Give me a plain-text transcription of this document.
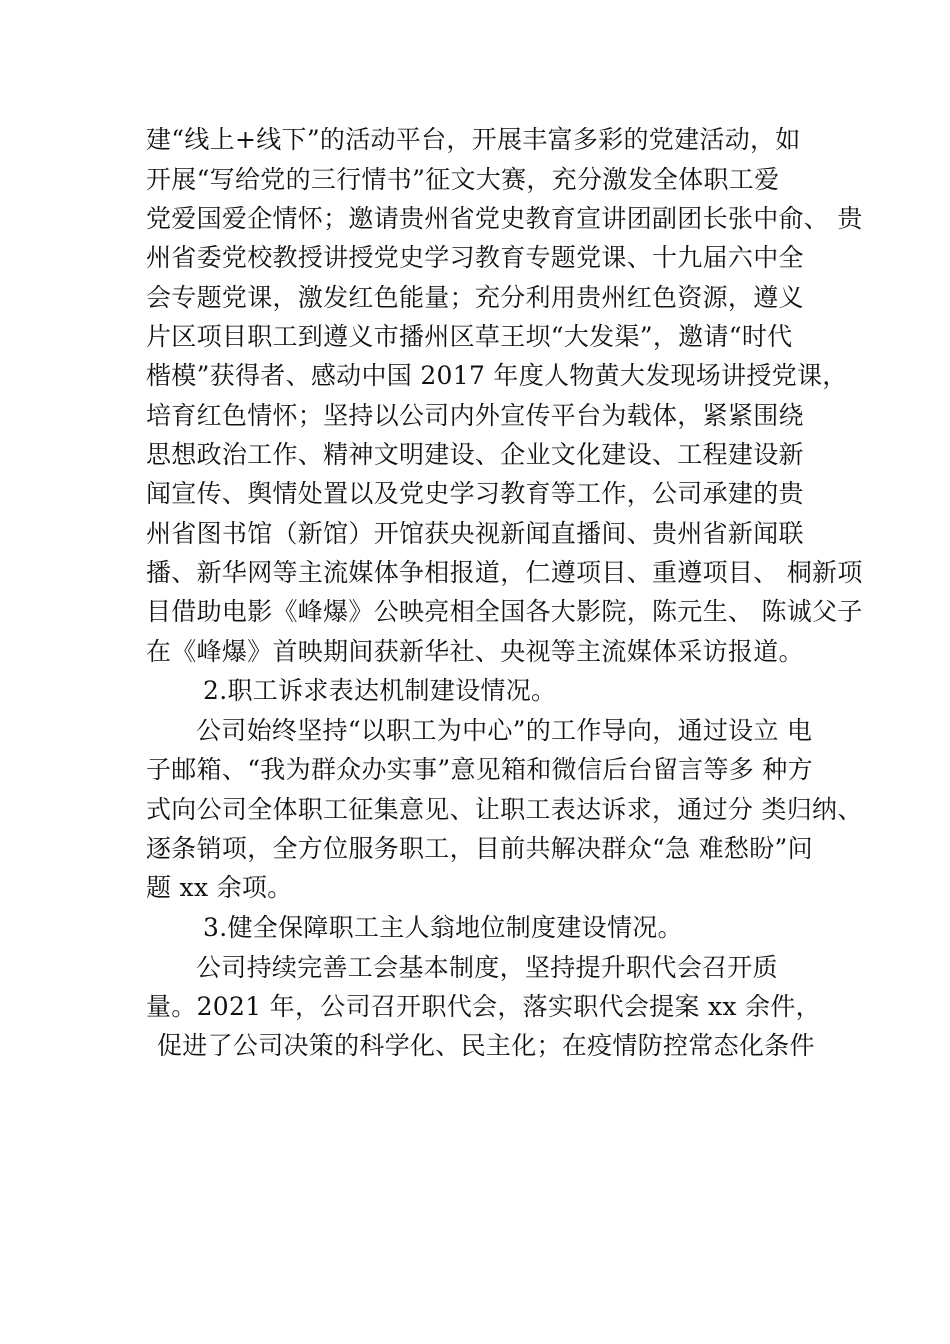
建“线上+线下”的活动平台，开展丰富多彩的党建活动，如
开展“写给党的三行情书”征文大赛，充分激发全体职工爱
党爱国爱企情怀；邀请贵州省党史教育宣讲团副团长张中俞、 贵
州省委党校教授讲授党史学习教育专题党课、十九届六中全
会专题党课，激发红色能量；充分利用贵州红色资源，遵义
片区项目职工到遵义市播州区草王坝“大发渠”，邀请“时代
楷模”获得者、感动中国 2017 年度人物黄大发现场讲授党课，
培育红色情怀；坚持以公司内外宣传平台为载体，紧紧围绕
思想政治工作、精神文明建设、企业文化建设、工程建设新
闻宣传、舆情处置以及党史学习教育等工作，公司承建的贵
州省图书馆（新馆）开馆获央视新闻直播间、贵州省新闻联
播、新华网等主流媒体争相报道，仁遵项目、重遵项目、 桐新项
目借助电影《峰爆》公映亮相全国各大影院，陈元生、 陈诚父子
在《峰爆》首映期间获新华社、央视等主流媒体采访报道。
2.职工诉求表达机制建设情况。
公司始终坚持“以职工为中心”的工作导向，通过设立 电
子邮箱、“我为群众办实事”意见箱和微信后台留言等多 种方
式向公司全体职工征集意见、让职工表达诉求，通过分 类归纳、
逐条销项，全方位服务职工，目前共解决群众“急 难愁盼”问
题 xx 余项。
3.健全保障职工主人翁地位制度建设情况。
公司持续完善工会基本制度，坚持提升职代会召开质
量。2021 年，公司召开职代会，落实职代会提案 xx 余件，
促进了公司决策的科学化、民主化；在疫情防控常态化条件
